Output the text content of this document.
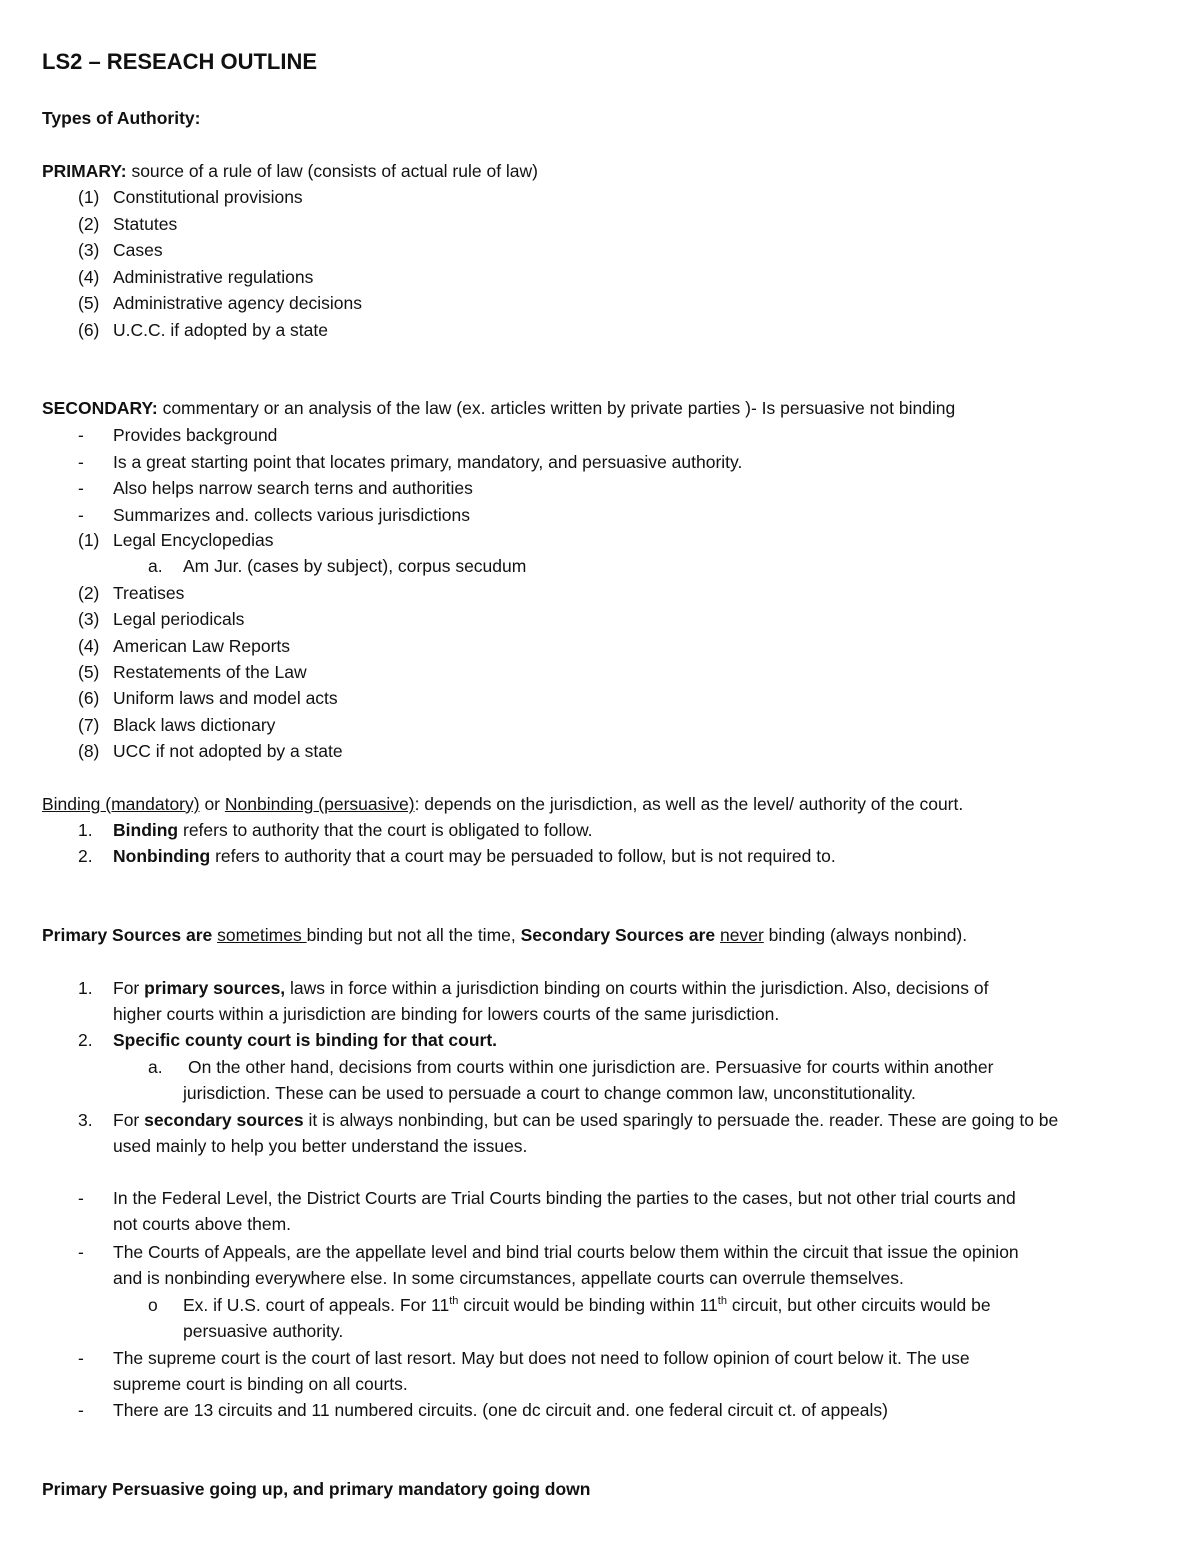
LS2 – RESEACH OUTLINE
Types of Authority:
PRIMARY: source of a rule of law (consists of actual rule of law)
(1) Constitutional provisions
(2) Statutes
(3) Cases
(4) Administrative regulations
(5) Administrative agency decisions
(6) U.C.C. if adopted by a state
SECONDARY: commentary or an analysis of the law (ex. articles written by private parties )- Is persuasive not binding
- Provides background
- Is a great starting point that locates primary, mandatory, and persuasive authority.
- Also helps narrow search terns and authorities
- Summarizes and. collects various jurisdictions
(1) Legal Encyclopedias
a. Am Jur. (cases by subject), corpus secudum
(2) Treatises
(3) Legal periodicals
(4) American Law Reports
(5) Restatements of the Law
(6) Uniform laws and model acts
(7) Black laws dictionary
(8) UCC if not adopted by a state
Binding (mandatory) or Nonbinding (persuasive): depends on the jurisdiction, as well as the level/ authority of the court.
1. Binding refers to authority that the court is obligated to follow.
2. Nonbinding refers to authority that a court may be persuaded to follow, but is not required to.
Primary Sources are sometimes binding but not all the time, Secondary Sources are never binding (always nonbind).
1. For primary sources, laws in force within a jurisdiction binding on courts within the jurisdiction. Also, decisions of
higher courts within a jurisdiction are binding for lowers courts of the same jurisdiction.
2. Specific county court is binding for that court.
a. On the other hand, decisions from courts within one jurisdiction are. Persuasive for courts within another
jurisdiction. These can be used to persuade a court to change common law, unconstitutionality.
3. For secondary sources it is always nonbinding, but can be used sparingly to persuade the. reader. These are going to be
used mainly to help you better understand the issues.
- In the Federal Level, the District Courts are Trial Courts binding the parties to the cases, but not other trial courts and
not courts above them.
- The Courts of Appeals, are the appellate level and bind trial courts below them within the circuit that issue the opinion
and is nonbinding everywhere else. In some circumstances, appellate courts can overrule themselves.
o Ex. if U.S. court of appeals. For 11th circuit would be binding within 11th circuit, but other circuits would be
persuasive authority.
- The supreme court is the court of last resort. May but does not need to follow opinion of court below it. The use
supreme court is binding on all courts.
- There are 13 circuits and 11 numbered circuits. (one dc circuit and. one federal circuit ct. of appeals)
Primary Persuasive going up, and primary mandatory going down
